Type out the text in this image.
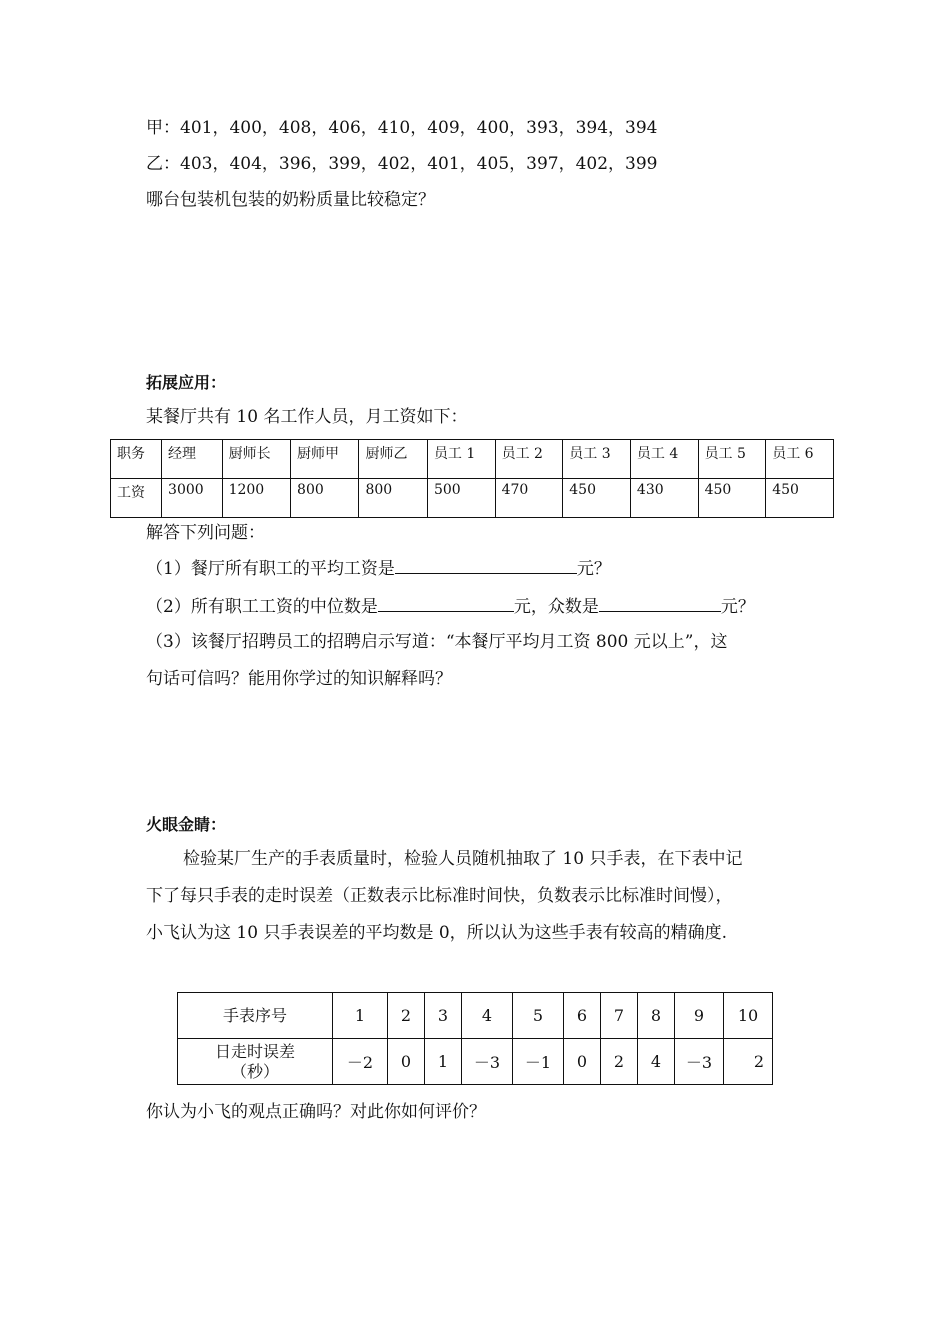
甲：401，400，408，406，410，409，400，393，394，394
乙：403，404，396，399，402，401，405，397，402，399
哪台包装机包装的奶粉质量比较稳定？
拓展应用：
某餐厅共有 10 名工作人员，月工资如下：
职务	经理	厨师长	厨师甲	厨师乙	员工 1	员工 2	员工 3	员工 4	员工 5	员工 6
工资	3000	1200	800	800	500	470	450	430	450	450
解答下列问题：
（1）餐厅所有职工的平均工资是	元？
（2）所有职工工资的中位数是	元，众数是	元？
（3）该餐厅招聘员工的招聘启示写道：“本餐厅平均月工资 800 元以上”，这
句话可信吗？能用你学过的知识解释吗？
火眼金睛：
检验某厂生产的手表质量时，检验人员随机抽取了 10 只手表，在下表中记
下了每只手表的走时误差（正数表示比标准时间快，负数表示比标准时间慢），
小飞认为这 10 只手表误差的平均数是 0，所以认为这些手表有较高的精确度.
手表序号	1	2	3	4	5	6	7	8	9	10

日走时误差
（秒）	－2	0	1	－3	－1	0	2	4	－3	2
你认为小飞的观点正确吗？对此你如何评价？
